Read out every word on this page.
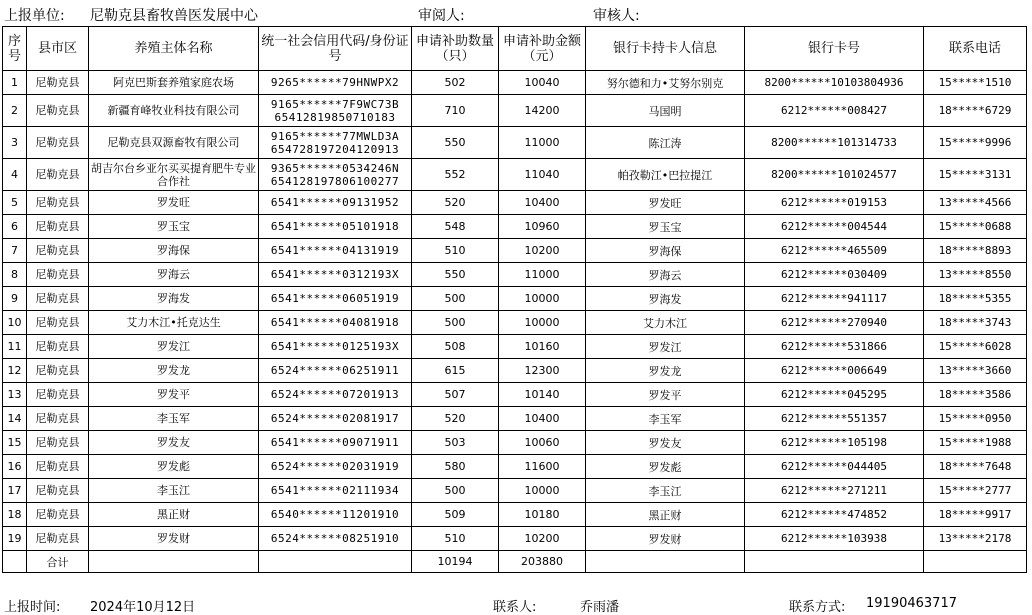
上报单位: 尼勒克县畜牧兽医发展中心	审阅人:	审核人:
序号	县市区	养殖主体名称	统一社会信用代码/身份证号	申请补助数量（只）	申请补助金额（元）	银行卡持卡人信息	银行卡号	联系电话
1	尼勒克县	阿克巴斯套养殖家庭农场	9265******79HNWPX2	502	10040	努尔德和力•艾努尔别克	8200******10103804936	15*****1510
2	尼勒克县	新疆育峰牧业科技有限公司	9165******7F9WC73B 65412819850710183	710	14200	马国明	6212******008427	18*****6729
3	尼勒克县	尼勒克县双源畜牧有限公司	9165******77MWLD3A 654728197204120913	550	11000	陈江涛	8200******101314733	15*****9996
4	尼勒克县	胡吉尔台乡亚尔买买提育肥牛专业合作社	9365******0534246N 654128197806100277	552	11040	帕孜勒江•巴拉提江	8200******101024577	15*****3131
5	尼勒克县	罗发旺	6541******09131952	520	10400	罗发旺	6212******019153	13*****4566
6	尼勒克县	罗玉宝	6541******05101918	548	10960	罗玉宝	6212******004544	15*****0688
7	尼勒克县	罗海保	6541******04131919	510	10200	罗海保	6212******465509	18*****8893
8	尼勒克县	罗海云	6541******0312193X	550	11000	罗海云	6212******030409	13*****8550
9	尼勒克县	罗海发	6541******06051919	500	10000	罗海发	6212******941117	18*****5355
10	尼勒克县	艾力木江•托克达生	6541******04081918	500	10000	艾力木江	6212******270940	18*****3743
11	尼勒克县	罗发江	6541******0125193X	508	10160	罗发江	6212******531866	15*****6028
12	尼勒克县	罗发龙	6524******06251911	615	12300	罗发龙	6212******006649	13*****3660
13	尼勒克县	罗发平	6524******07201913	507	10140	罗发平	6212******045295	18*****3586
14	尼勒克县	李玉军	6524******02081917	520	10400	李玉军	6212******551357	15*****0950
15	尼勒克县	罗发友	6541******09071911	503	10060	罗发友	6212******105198	15*****1988
16	尼勒克县	罗发彪	6524******02031919	580	11600	罗发彪	6212******044405	18*****7648
17	尼勒克县	李玉江	6541******02111934	500	10000	李玉江	6212******271211	15*****2777
18	尼勒克县	黑正财	6540******11201910	509	10180	黑正财	6212******474852	18*****9917
19	尼勒克县	罗发财	6524******08251910	510	10200	罗发财	6212******103938	13*****2178
	合计			10194	203880			
上报时间: 2024年10月12日	联系人:	乔雨潘	联系方式: 19190463717
